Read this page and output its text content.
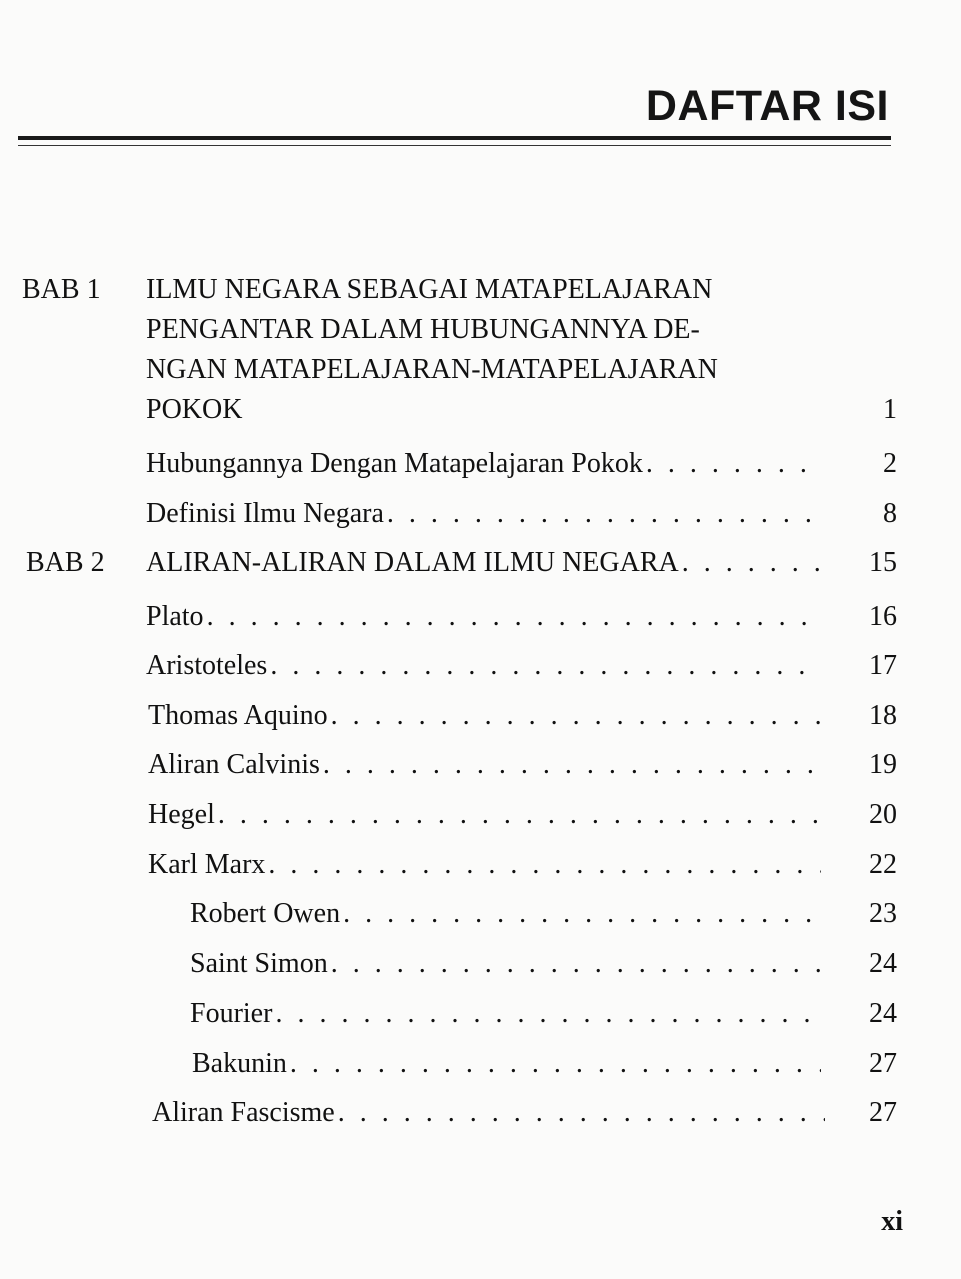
DAFTAR ISI
BAB 1 ILMU NEGARA SEBAGAI MATAPELAJARAN
PENGANTAR DALAM HUBUNGANNYA DE-
NGAN MATAPELAJARAN-MATAPELAJARAN
POKOK	1
Hubungannya Dengan Matapelajaran Pokok . . .	2
Definisi Ilmu Negara . . .	8
BAB 2 ALIRAN-ALIRAN DALAM ILMU NEGARA . . .	15
Plato . . .	16
Aristoteles . . .	17
Thomas Aquino . . .	18
Aliran Calvinis . . .	19
Hegel . . .	20
Karl Marx . . .	22
Robert Owen . . .	23
Saint Simon . . .	24
Fourier . . .	24
Bakunin . . .	27
Aliran Fascisme . . .	27
xi
